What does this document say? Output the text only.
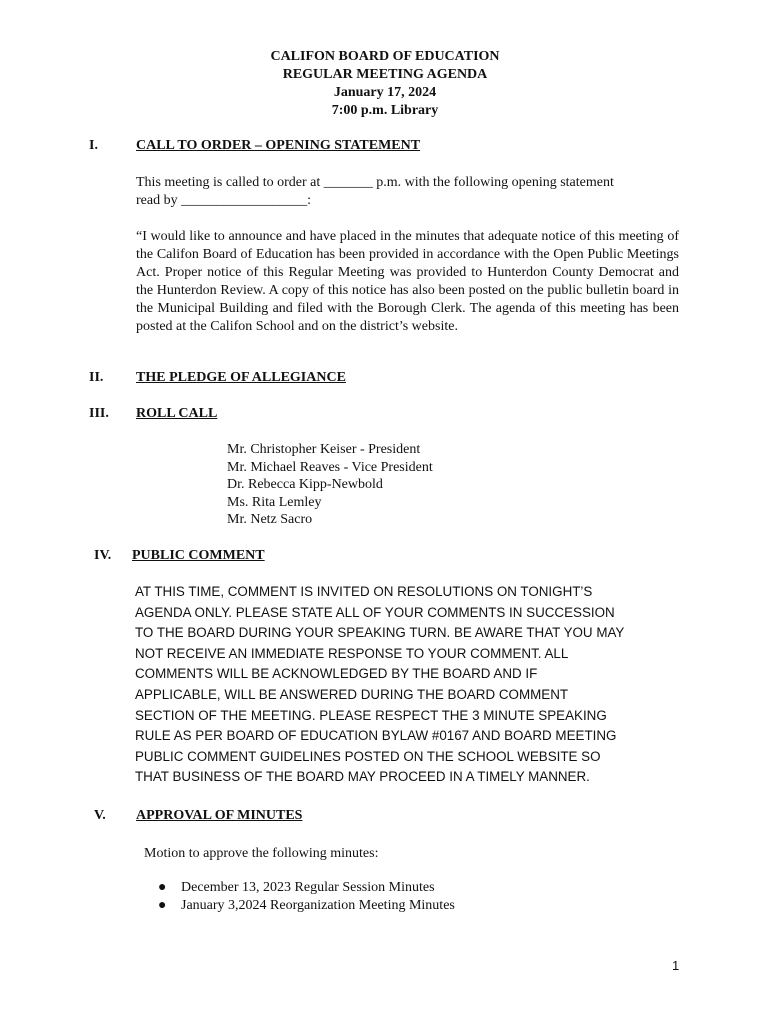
CALIFON BOARD OF EDUCATION
REGULAR MEETING AGENDA
January 17, 2024
7:00 p.m. Library
I.	CALL TO ORDER – OPENING STATEMENT
This meeting is called to order at _______ p.m. with the following opening statement
read by __________________:
“I would like to announce and have placed in the minutes that adequate notice of this meeting of the Califon Board of Education has been provided in accordance with the Open Public Meetings Act. Proper notice of this Regular Meeting was provided to Hunterdon County Democrat and the Hunterdon Review. A copy of this notice has also been posted on the public bulletin board in the Municipal Building and filed with the Borough Clerk. The agenda of this meeting has been posted at the Califon School and on the district’s website.
II. THE PLEDGE OF ALLEGIANCE
III. ROLL CALL
Mr. Christopher Keiser - President
Mr. Michael Reaves - Vice President
Dr. Rebecca Kipp-Newbold
Ms. Rita Lemley
Mr. Netz Sacro
IV. PUBLIC COMMENT
AT THIS TIME, COMMENT IS INVITED ON RESOLUTIONS ON TONIGHT’S
AGENDA ONLY. PLEASE STATE ALL OF YOUR COMMENTS IN SUCCESSION
TO THE BOARD DURING YOUR SPEAKING TURN. BE AWARE THAT YOU MAY
NOT RECEIVE AN IMMEDIATE RESPONSE TO YOUR COMMENT. ALL
COMMENTS WILL BE ACKNOWLEDGED BY THE BOARD AND IF
APPLICABLE, WILL BE ANSWERED DURING THE BOARD COMMENT
SECTION OF THE MEETING. PLEASE RESPECT THE 3 MINUTE SPEAKING
RULE AS PER BOARD OF EDUCATION BYLAW #0167 AND BOARD MEETING
PUBLIC COMMENT GUIDELINES POSTED ON THE SCHOOL WEBSITE SO
THAT BUSINESS OF THE BOARD MAY PROCEED IN A TIMELY MANNER.
V. APPROVAL OF MINUTES
Motion to approve the following minutes:
●	December 13, 2023 Regular Session Minutes
●	January 3,2024 Reorganization Meeting Minutes
1
